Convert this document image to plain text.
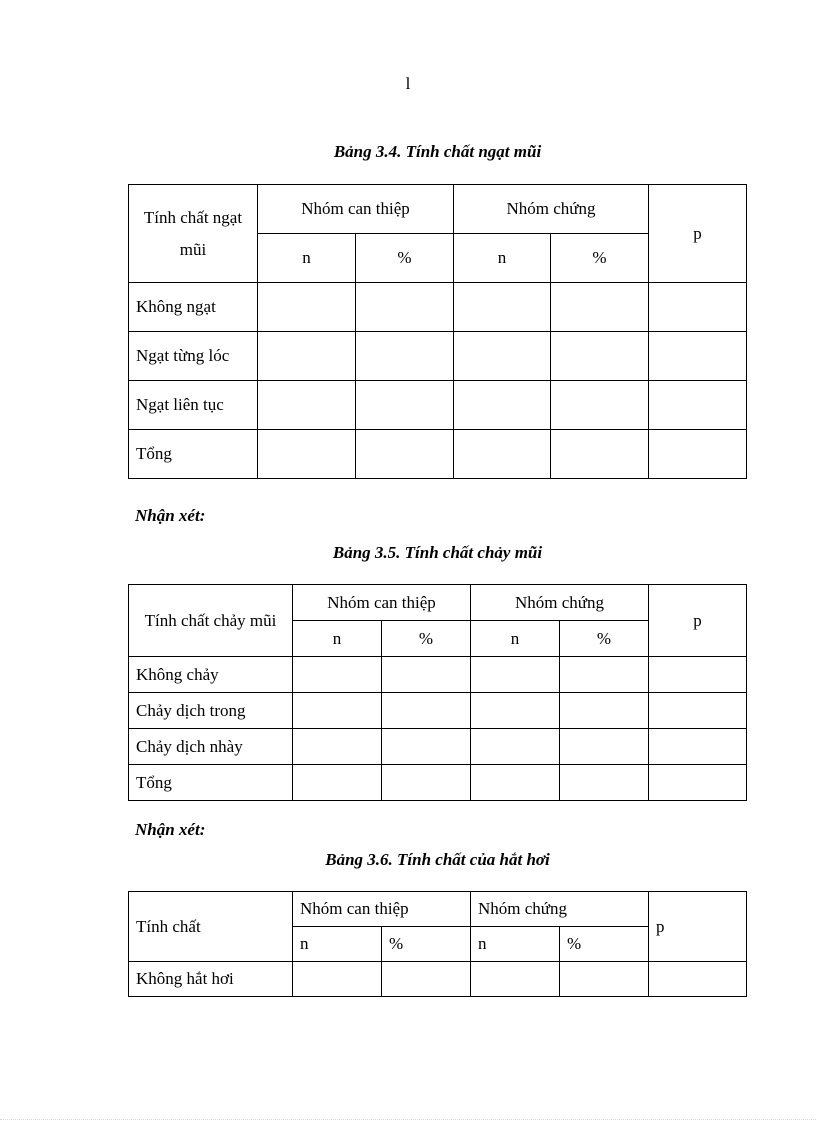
l
Bảng 3.4. Tính chất ngạt mũi
Tính chất ngạt mũi	Nhóm can thiệp		Nhóm chứng		p
	n	%	n	%	
Không ngạt					
Ngạt từng lóc					
Ngạt liên tục					
Tổng					
Nhận xét:
Bảng 3.5. Tính chất chảy mũi
Tính chất chảy mũi	Nhóm can thiệp		Nhóm chứng		p
	n	%	n	%	
Không chảy					
Chảy dịch trong					
Chảy dịch nhày					
Tổng					
Nhận xét:
Bảng 3.6. Tính chất của hắt hơi
Tính chất	Nhóm can thiệp		Nhóm chứng		p
	n	%	n	%	
Không hắt hơi					
